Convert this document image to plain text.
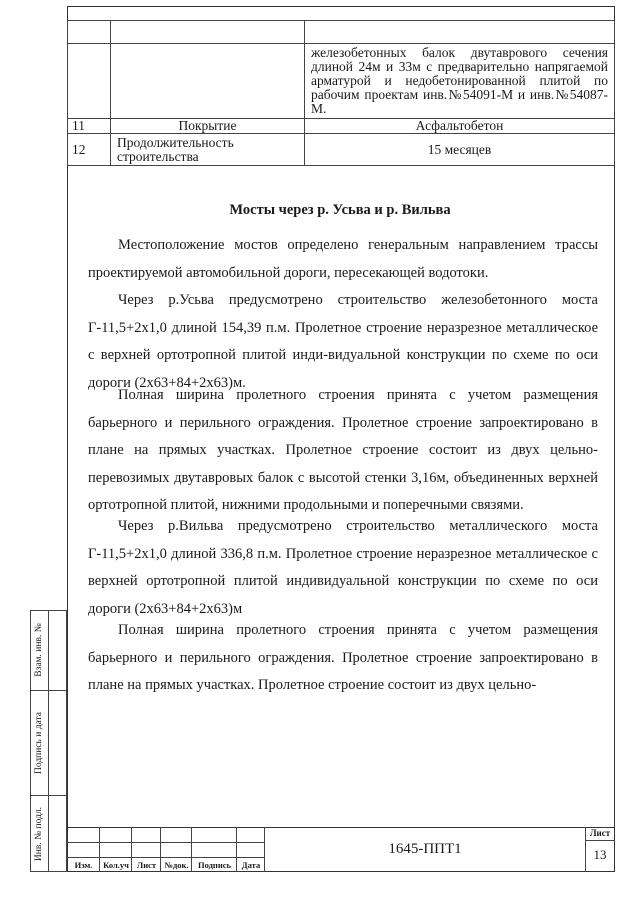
		железобетонных балок двутаврового сечения длиной 24м и 33м с предварительно напрягаемой арматурой и недобетонированной плитой по рабочим проектам инв.№54091-М и инв.№54087-М.
11	Покрытие	Асфальтобетон
12	Продолжительность строительства	15 месяцев
Мосты через р. Усьва и р. Вильва
Местоположение мостов определено генеральным направлением трассы проектируемой автомобильной дороги, пересекающей водотоки.
Через р.Усьва предусмотрено строительство железобетонного моста Г-11,5+2х1,0 длиной 154,39 п.м. Пролетное строение неразрезное металлическое с верхней ортотропной плитой инди-видуальной конструкции по схеме по оси дороги (2х63+84+2х63)м.
Полная ширина пролетного строения принята с учетом размещения барьерного и перильного ограждения. Пролетное строение запроектировано в плане на прямых участках. Пролетное строение состоит из двух цельно-перевозимых двутавровых балок с высотой стенки 3,16м, объединенных верхней ортотропной плитой, нижними продольными и поперечными связями.
Через р.Вильва предусмотрено строительство металлического моста Г-11,5+2х1,0 длиной 336,8 п.м. Пролетное строение неразрезное металлическое с верхней ортотропной плитой индивидуальной конструкции по схеме по оси дороги (2х63+84+2х63)м
Полная ширина пролетного строения принята с учетом размещения барьерного и перильного ограждения. Пролетное строение запроектировано в плане на прямых участках. Пролетное строение состоит из двух цельно-
Взам. инв. №
Подпись и дата
Инв. № подл.
Изм.	Кол.уч Лист №док.	Подпись	Дата
1645-ППТ1
Лист
13
